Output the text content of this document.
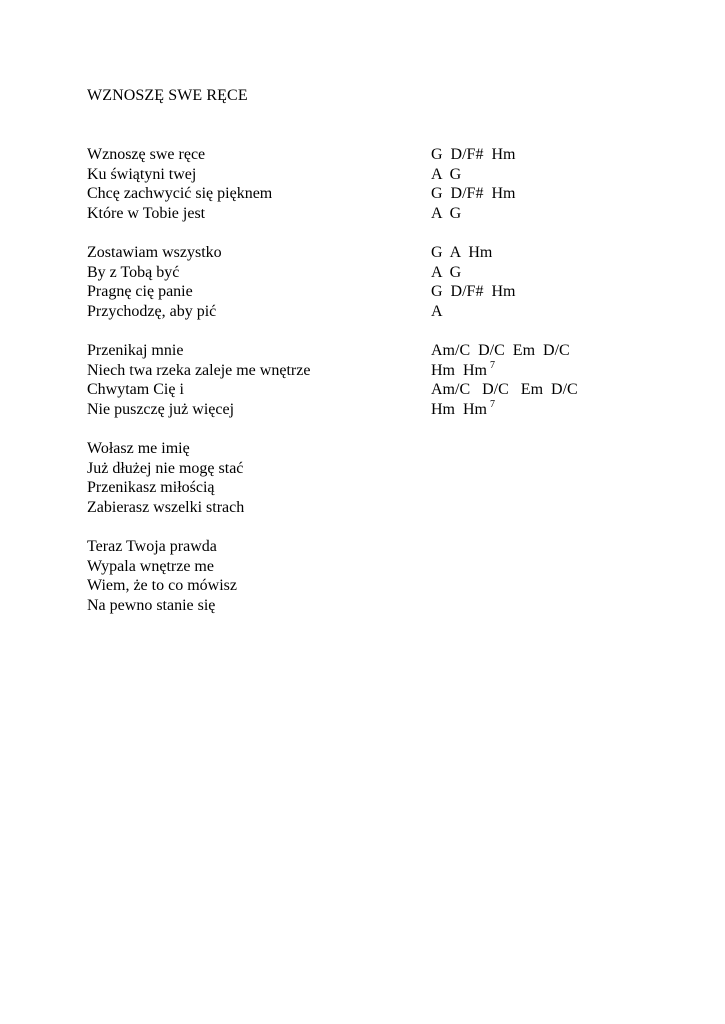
WZNOSZĘ SWE RĘCE
Wznoszę swe ręce	G  D/F#  Hm
Ku świątyni twej	A  G
Chcę zachwycić się pięknem	G  D/F#  Hm
Które w Tobie jest	A  G
Zostawiam wszystko	G  A  Hm
By z Tobą być	A  G
Pragnę cię panie	G  D/F#  Hm
Przychodzę, aby pić	A
Przenikaj mnie	Am/C  D/C  Em  D/C
Niech twa rzeka zaleje me wnętrze	Hm  Hm $^7$
Chwytam Cię i	Am/C   D/C   Em  D/C
Nie puszczę już więcej	Hm  Hm $^7$
Wołasz me imię
Już dłużej nie mogę stać
Przenikasz miłością
Zabierasz wszelki strach
Teraz Twoja prawda
Wypala wnętrze me
Wiem, że to co mówisz
Na pewno stanie się
